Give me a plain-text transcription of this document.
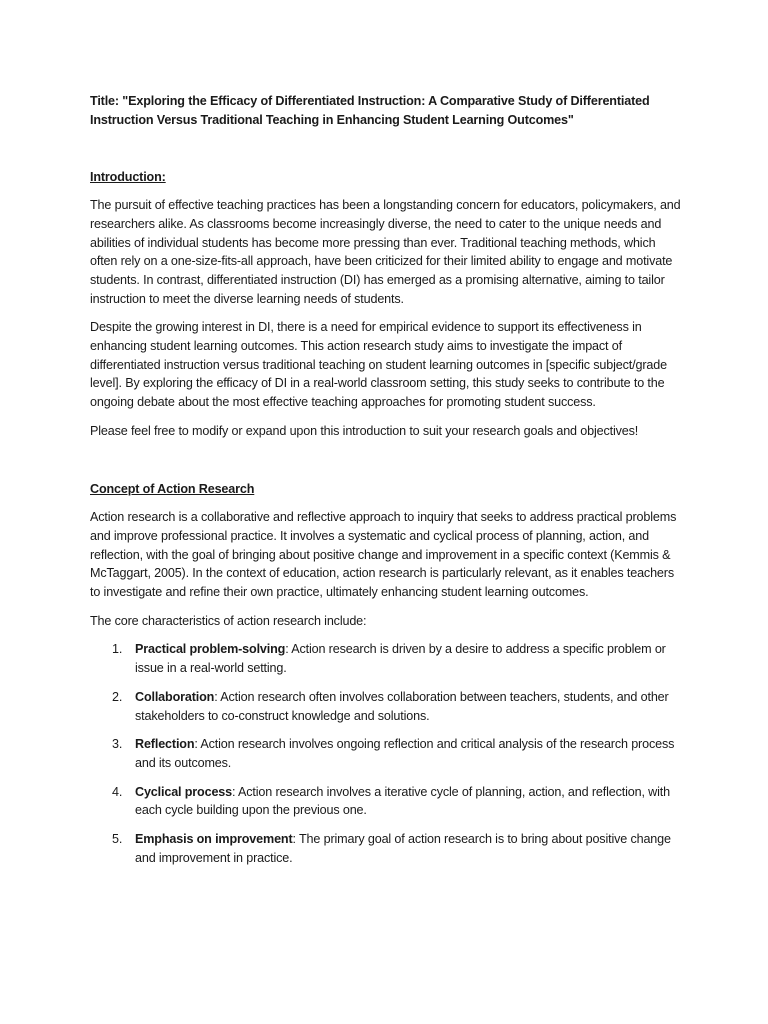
Title: "Exploring the Efficacy of Differentiated Instruction: A Comparative Study of Differentiated Instruction Versus Traditional Teaching in Enhancing Student Learning Outcomes"

Introduction:

The pursuit of effective teaching practices has been a longstanding concern for educators, policymakers, and researchers alike. As classrooms become increasingly diverse, the need to cater to the unique needs and abilities of individual students has become more pressing than ever. Traditional teaching methods, which often rely on a one-size-fits-all approach, have been criticized for their limited ability to engage and motivate students. In contrast, differentiated instruction (DI) has emerged as a promising alternative, aiming to tailor instruction to meet the diverse learning needs of students.

Despite the growing interest in DI, there is a need for empirical evidence to support its effectiveness in enhancing student learning outcomes. This action research study aims to investigate the impact of differentiated instruction versus traditional teaching on student learning outcomes in [specific subject/grade level]. By exploring the efficacy of DI in a real-world classroom setting, this study seeks to contribute to the ongoing debate about the most effective teaching approaches for promoting student success.

Please feel free to modify or expand upon this introduction to suit your research goals and objectives!

Concept of Action Research

Action research is a collaborative and reflective approach to inquiry that seeks to address practical problems and improve professional practice. It involves a systematic and cyclical process of planning, action, and reflection, with the goal of bringing about positive change and improvement in a specific context (Kemmis & McTaggart, 2005). In the context of education, action research is particularly relevant, as it enables teachers to investigate and refine their own practice, ultimately enhancing student learning outcomes.

The core characteristics of action research include:

1. Practical problem-solving: Action research is driven by a desire to address a specific problem or issue in a real-world setting.
2. Collaboration: Action research often involves collaboration between teachers, students, and other stakeholders to co-construct knowledge and solutions.
3. Reflection: Action research involves ongoing reflection and critical analysis of the research process and its outcomes.
4. Cyclical process: Action research involves a iterative cycle of planning, action, and reflection, with each cycle building upon the previous one.
5. Emphasis on improvement: The primary goal of action research is to bring about positive change and improvement in practice.
